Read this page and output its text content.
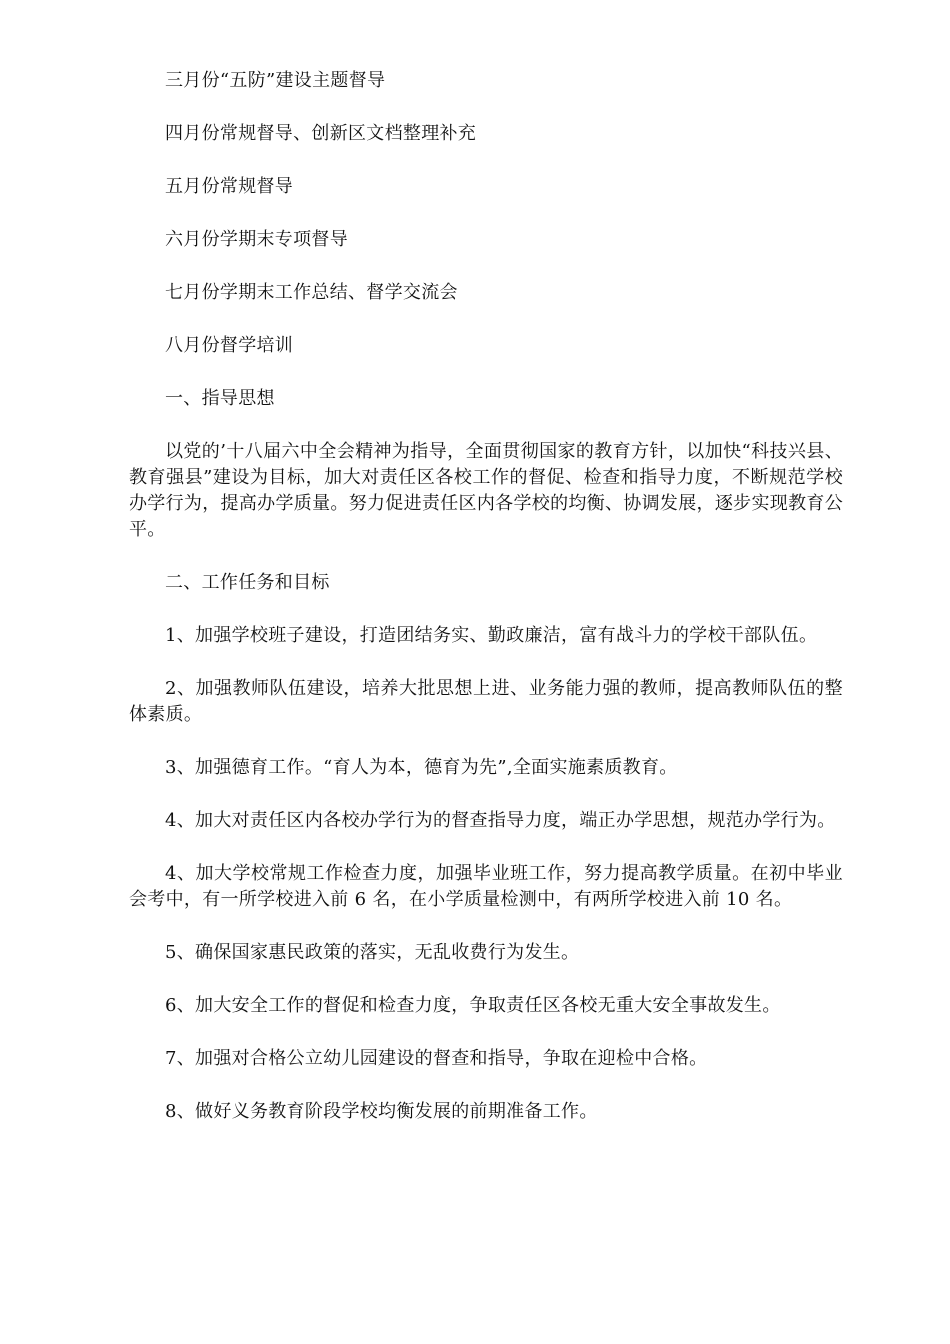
三月份“五防”建设主题督导

四月份常规督导、创新区文档整理补充

五月份常规督导

六月份学期末专项督导

七月份学期末工作总结、督学交流会

八月份督学培训

一、指导思想

以党的’十八届六中全会精神为指导，全面贯彻国家的教育方针，以加快“科技兴县、教育强县”建设为目标，加大对责任区各校工作的督促、检查和指导力度，不断规范学校办学行为，提高办学质量。努力促进责任区内各学校的均衡、协调发展，逐步实现教育公平。

二、工作任务和目标

1、加强学校班子建设，打造团结务实、勤政廉洁，富有战斗力的学校干部队伍。

2、加强教师队伍建设，培养大批思想上进、业务能力强的教师，提高教师队伍的整体素质。

3、加强德育工作。“育人为本，德育为先”,全面实施素质教育。

4、加大对责任区内各校办学行为的督查指导力度，端正办学思想，规范办学行为。

4、加大学校常规工作检查力度，加强毕业班工作，努力提高教学质量。在初中毕业会考中，有一所学校进入前 6 名，在小学质量检测中，有两所学校进入前 10 名。

5、确保国家惠民政策的落实，无乱收费行为发生。

6、加大安全工作的督促和检查力度，争取责任区各校无重大安全事故发生。

7、加强对合格公立幼儿园建设的督查和指导，争取在迎检中合格。

8、做好义务教育阶段学校均衡发展的前期准备工作。
